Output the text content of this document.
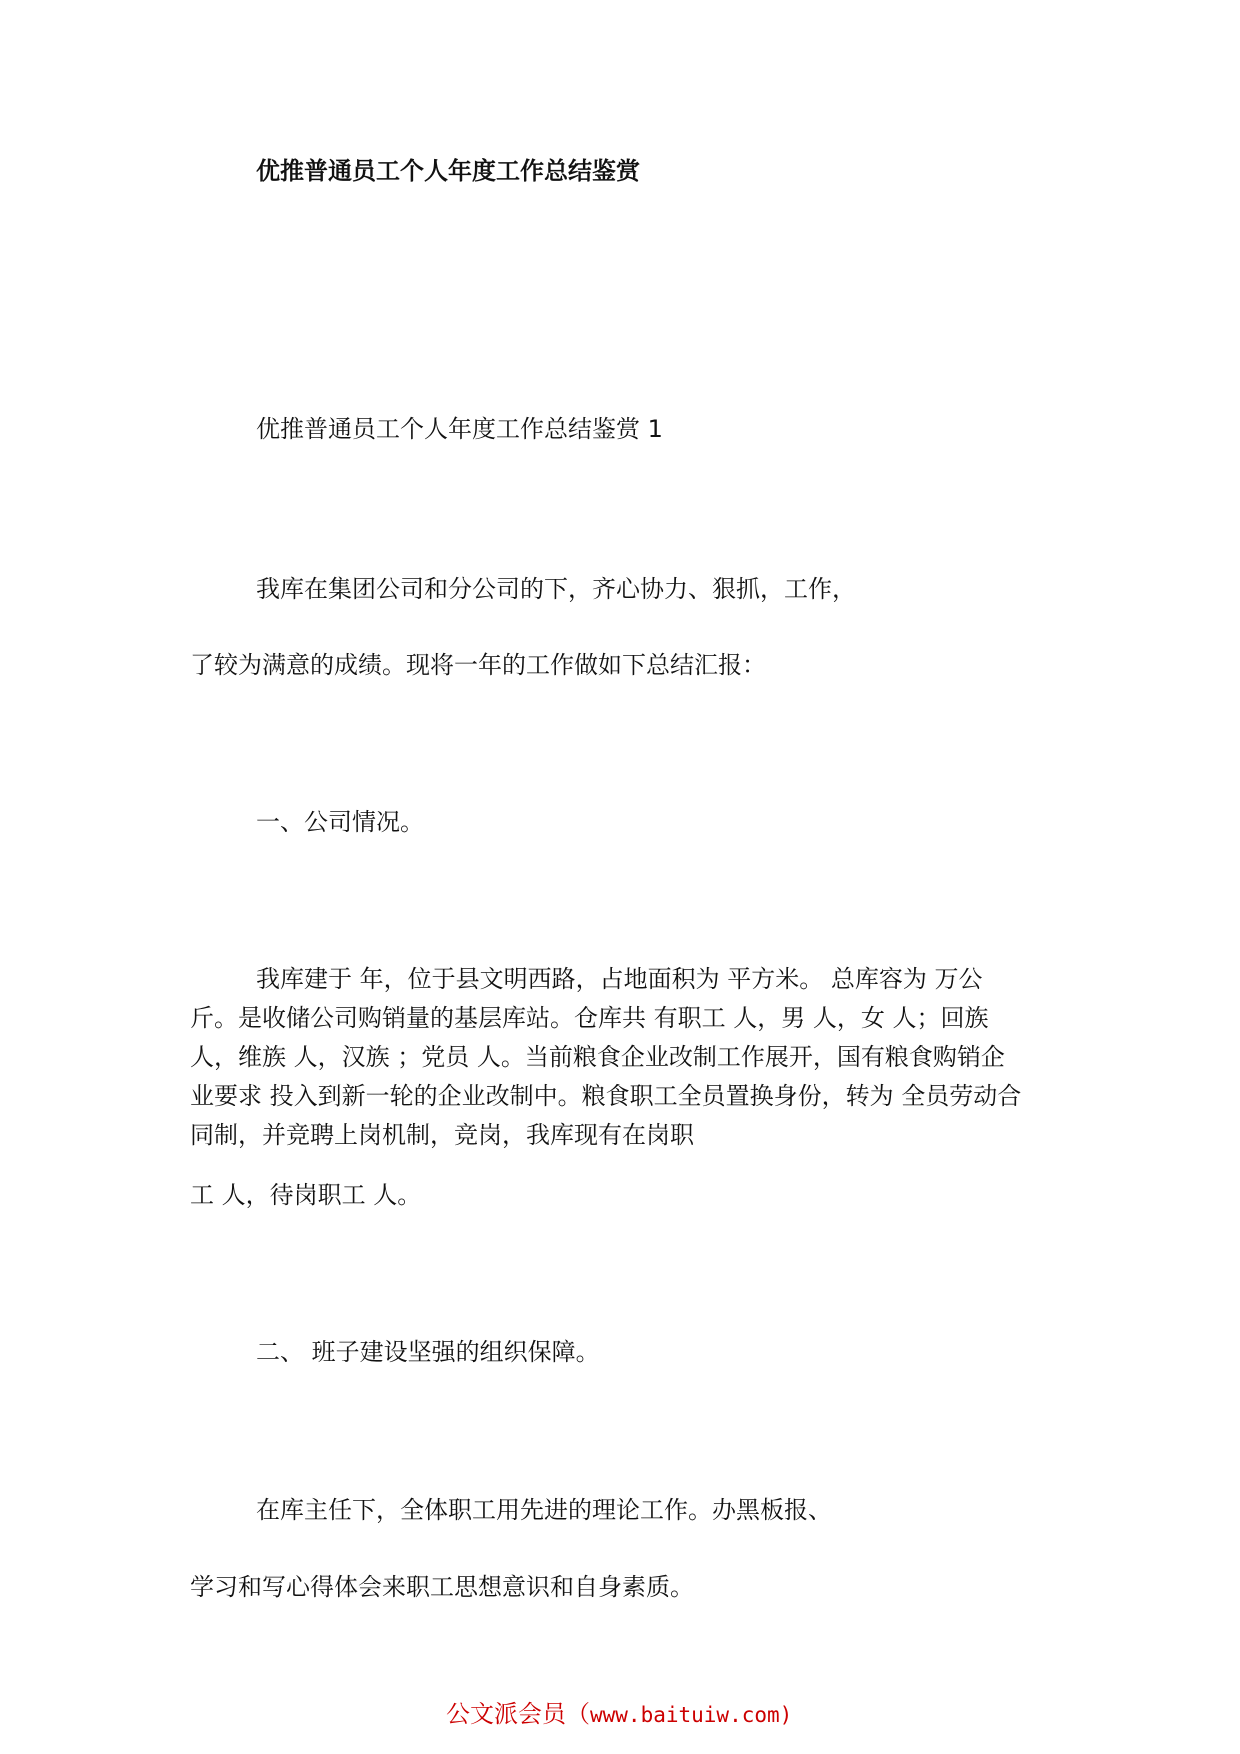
优推普通员工个人年度工作总结鉴赏
优推普通员工个人年度工作总结鉴赏 1
我库在集团公司和分公司的下，齐心协力、狠抓，工作，
了较为满意的成绩。现将一年的工作做如下总结汇报：
一、公司情况。
我库建于 年，位于县文明西路，占地面积为 平方米。 总库容为 万公
斤。是收储公司购销量的基层库站。仓库共 有职工 人，男 人，女 人；回族
人，维族 人，汉族 ；党员 人。当前粮食企业改制工作展开，国有粮食购销企
业要求 投入到新一轮的企业改制中。粮食职工全员置换身份，转为 全员劳动合
同制，并竞聘上岗机制，竞岗，我库现有在岗职
工 人，待岗职工 人。
二、 班子建设坚强的组织保障。
在库主任下，全体职工用先进的理论工作。办黑板报、
学习和写心得体会来职工思想意识和自身素质。
公文派会员（www.baituiw.com)
